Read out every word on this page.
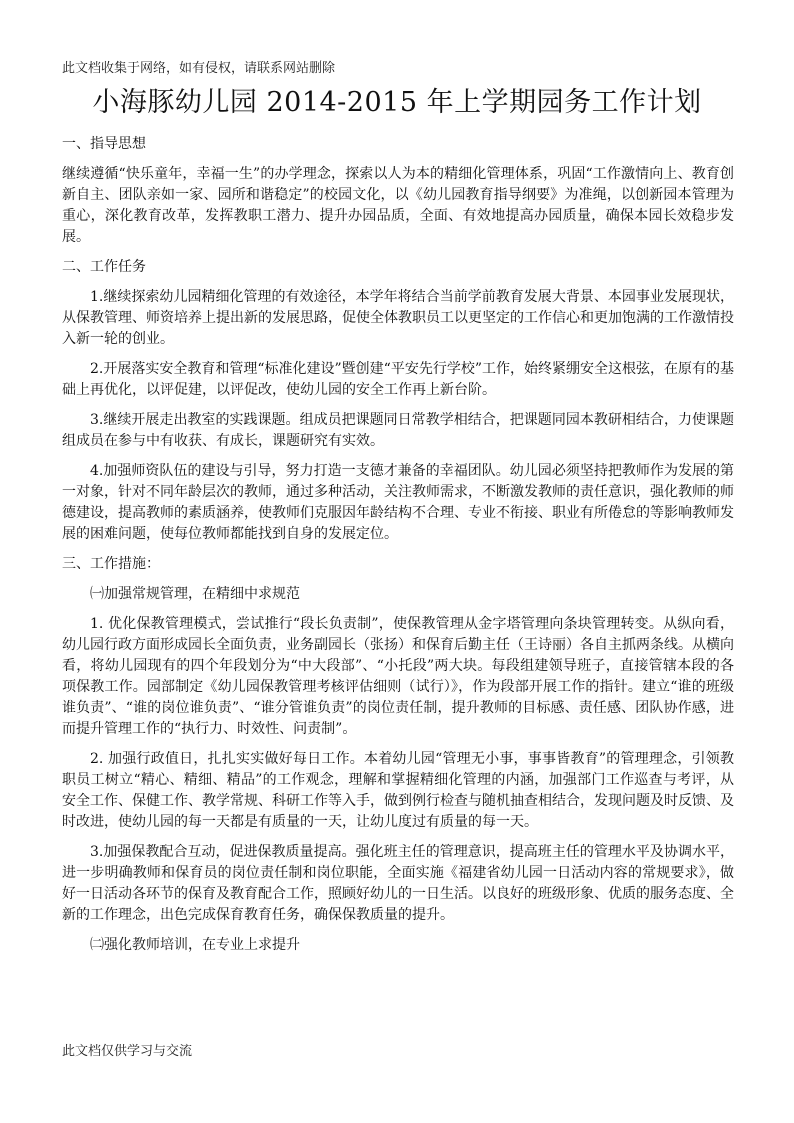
此文档收集于网络，如有侵权，请联系网站删除
小海豚幼儿园 2014-2015 年上学期园务工作计划

一、指导思想

继续遵循“快乐童年，幸福一生”的办学理念，探索以人为本的精细化管理体系，巩固“工作激情向上、教育创新自主、团队亲如一家、园所和谐稳定”的校园文化，以《幼儿园教育指导纲要》为准绳，以创新园本管理为重心，深化教育改革，发挥教职工潜力、提升办园品质，全面、有效地提高办园质量，确保本园长效稳步发展。

二、工作任务

1.继续探索幼儿园精细化管理的有效途径，本学年将结合当前学前教育发展大背景、本园事业发展现状，从保教管理、师资培养上提出新的发展思路，促使全体教职员工以更坚定的工作信心和更加饱满的工作激情投入新一轮的创业。

2.开展落实安全教育和管理“标准化建设”暨创建“平安先行学校”工作，始终紧绷安全这根弦，在原有的基础上再优化，以评促建，以评促改，使幼儿园的安全工作再上新台阶。

3.继续开展走出教室的实践课题。组成员把课题同日常教学相结合，把课题同园本教研相结合，力使课题组成员在参与中有收获、有成长，课题研究有实效。

4.加强师资队伍的建设与引导，努力打造一支德才兼备的幸福团队。幼儿园必须坚持把教师作为发展的第一对象，针对不同年龄层次的教师，通过多种活动，关注教师需求，不断激发教师的责任意识，强化教师的师德建设，提高教师的素质涵养，使教师们克服因年龄结构不合理、专业不衔接、职业有所倦怠的等影响教师发展的困难问题，使每位教师都能找到自身的发展定位。

三、工作措施：

㈠加强常规管理，在精细中求规范

1. 优化保教管理模式，尝试推行“段长负责制”，使保教管理从金字塔管理向条块管理转变。从纵向看，幼儿园行政方面形成园长全面负责，业务副园长（张扬）和保育后勤主任（王诗丽）各自主抓两条线。从横向看，将幼儿园现有的四个年段划分为“中大段部”、“小托段”两大块。每段组建领导班子，直接管辖本段的各项保教工作。园部制定《幼儿园保教管理考核评估细则（试行）》，作为段部开展工作的指针。建立“谁的班级谁负责”、“谁的岗位谁负责”、“谁分管谁负责”的岗位责任制，提升教师的目标感、责任感、团队协作感，进而提升管理工作的“执行力、时效性、问责制”。

2. 加强行政值日，扎扎实实做好每日工作。本着幼儿园“管理无小事，事事皆教育”的管理理念，引领教职员工树立“精心、精细、精品”的工作观念，理解和掌握精细化管理的内涵，加强部门工作巡查与考评，从安全工作、保健工作、教学常规、科研工作等入手，做到例行检查与随机抽查相结合，发现问题及时反馈、及时改进，使幼儿园的每一天都是有质量的一天，让幼儿度过有质量的每一天。

3.加强保教配合互动，促进保教质量提高。强化班主任的管理意识，提高班主任的管理水平及协调水平，进一步明确教师和保育员的岗位责任制和岗位职能，全面实施《福建省幼儿园一日活动内容的常规要求》，做好一日活动各环节的保育及教育配合工作，照顾好幼儿的一日生活。以良好的班级形象、优质的服务态度、全新的工作理念，出色完成保育教育任务，确保保教质量的提升。

㈡强化教师培训，在专业上求提升

此文档仅供学习与交流
